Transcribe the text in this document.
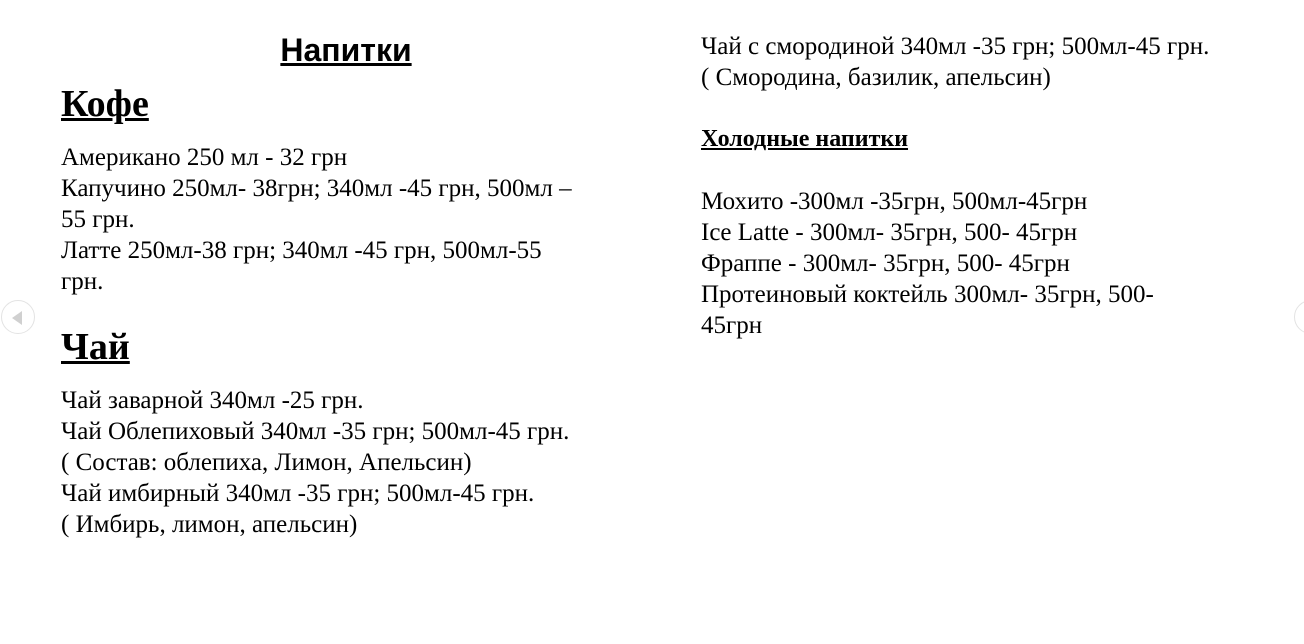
Напитки
Кофе

Американо 250 мл - 32 грн

Капучино 250мл- 38грн; 340мл -45 грн, 500мл –

55 грн.

Латте 250мл-38 грн; 340мл -45 грн, 500мл-55

грн.

Чай

Чай заварной 340мл -25 грн.

Чай Облепиховый 340мл -35 грн; 500мл-45 грн.

( Состав: облепиха, Лимон, Апельсин)

Чай имбирный 340мл -35 грн; 500мл-45 грн.

( Имбирь, лимон, апельсин)

Чай с смородиной 340мл -35 грн; 500мл-45 грн.

( Смородина, базилик, апельсин)

Холодные напитки

Мохито -300мл -35грн, 500мл-45грн

Ice Latte - 300мл- 35грн, 500- 45грн

Фраппе - 300мл- 35грн, 500- 45грн

Протеиновый коктейль 300мл- 35грн, 500-

45грн
